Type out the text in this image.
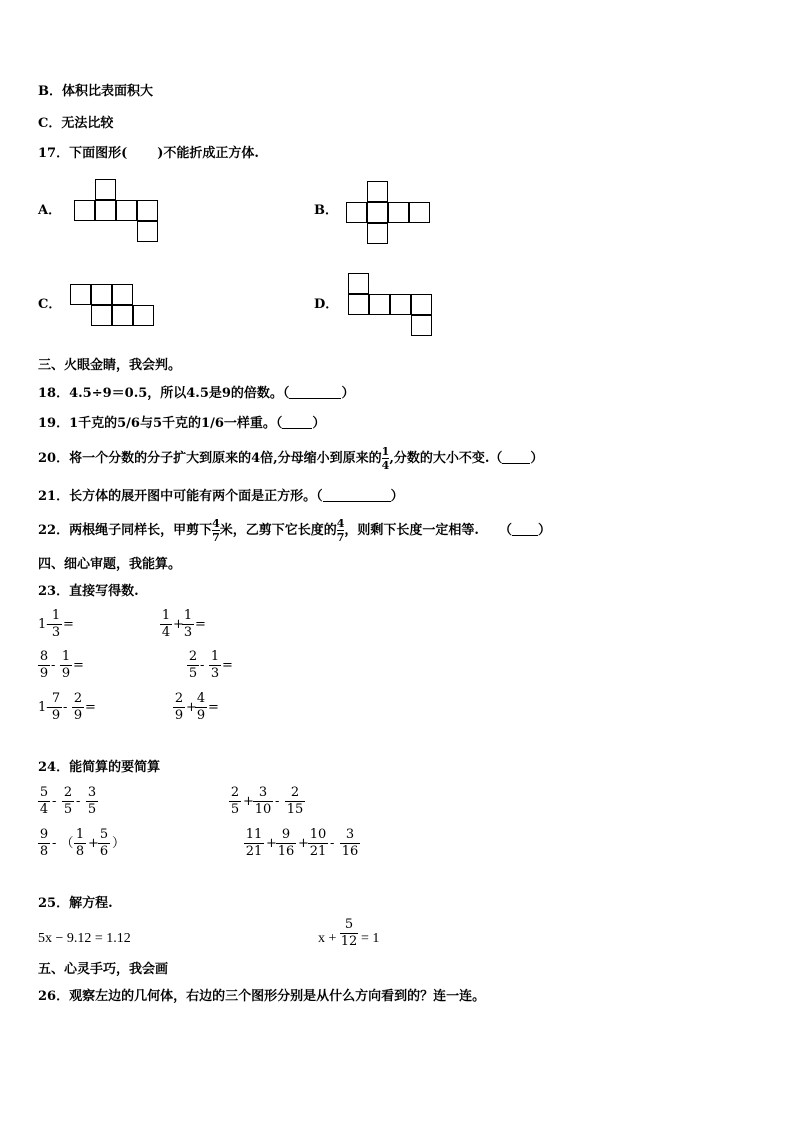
B．体积比表面积大
C．无法比较
17．下面图形( )不能折成正方体.
A．	B．
C．	D．
三、火眼金睛，我会判。
18．4.5÷9＝0.5，所以4.5是9的倍数。（	）
19．1千克的5/6与5千克的1/6一样重。（ ）
20．将一个分数的分子扩大到原来的4倍,分母缩小到原来的 $\frac{1}{4}$ ,分数的大小不变.（ ）
21．长方体的展开图中可能有两个面是正方形。（	）
22．两根绳子同样长，甲剪下 $\frac{4}{7}$ 米，乙剪下它长度的 $\frac{4}{7}$ ，则剩下长度一定相等. （ ）
四、细心审题，我能算。
23．直接写得数.
1-
1
3
=
1
4
+
1
3
=
8
9
-
1
9
=
2
5
-
1
3
=
1-
7
9
-
2
9
=
2
9
+
4
9
=
24．能简算的要简算
5
4
-
2
5
-
3
5
2
5
+
3
10
-
2
15
9
8
- （
1
8
+
5
6
）
11
21
+
9
16
+
10
21
-
3
16
25．解方程.
5x − 9.12 = 1.12	x +
5
12 = 1
五、心灵手巧，我会画
26．观察左边的几何体，右边的三个图形分别是从什么方向看到的？连一连。
